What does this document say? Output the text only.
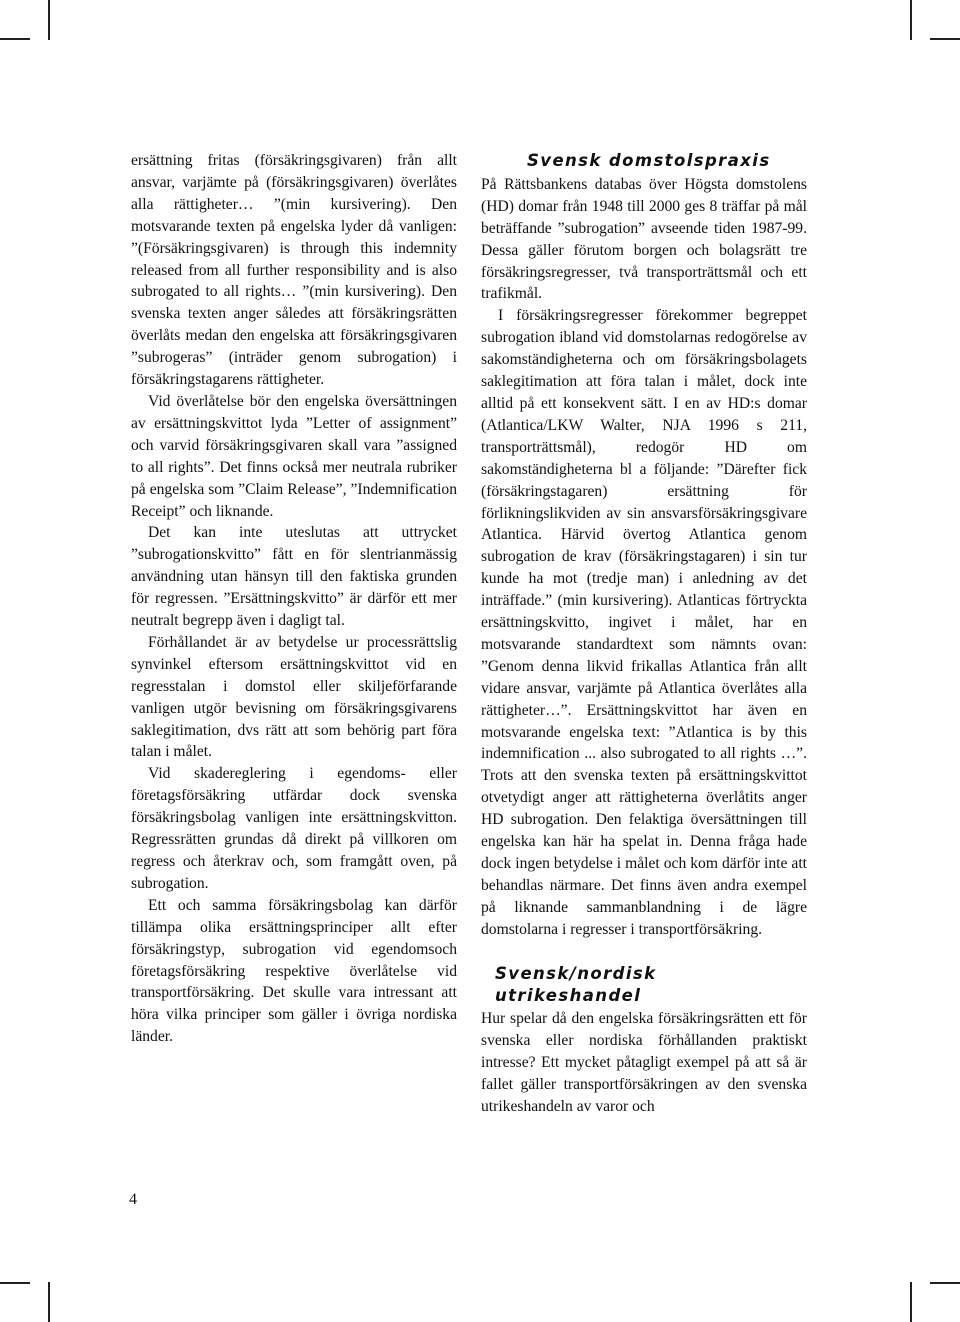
ersättning fritas (försäkringsgivaren) från allt ansvar, varjämte på (försäkringsgivaren) överlåtes alla rättigheter… ”(min kursivering). Den motsvarande texten på engelska lyder då vanligen: ”(Försäkringsgivaren) is through this indemnity released from all further responsibility and is also subrogated to all rights… ”(min kursivering). Den svenska texten anger således att försäkringsrätten överlåts medan den engelska att försäkringsgivaren ”subrogeras” (inträder genom subrogation) i försäkringstagarens rättigheter.

Vid överlåtelse bör den engelska översättningen av ersättningskvittot lyda ”Letter of assignment” och varvid försäkringsgivaren skall vara ”assigned to all rights”. Det finns också mer neutrala rubriker på engelska som ”Claim Release”, ”Indemnification Receipt” och liknande.

Det kan inte uteslutas att uttrycket ”subrogationskvitto” fått en för slentrianmässig användning utan hänsyn till den faktiska grunden för regressen. ”Ersättningskvitto” är därför ett mer neutralt begrepp även i dagligt tal.

Förhållandet är av betydelse ur processrättslig synvinkel eftersom ersättningskvittot vid en regresstalan i domstol eller skiljeförfarande vanligen utgör bevisning om försäkringsgivarens saklegitimation, dvs rätt att som behörig part föra talan i målet.

Vid skadereglering i egendoms- eller företagsförsäkring utfärdar dock svenska försäkringsbolag vanligen inte ersättningskvitton. Regressrätten grundas då direkt på villkoren om regress och återkrav och, som framgått oven, på subrogation.

Ett och samma försäkringsbolag kan därför tillämpa olika ersättningsprinciper allt efter försäkringstyp, subrogation vid egendomsoch företagsförsäkring respektive överlåtelse vid transportförsäkring. Det skulle vara intressant att höra vilka principer som gäller i övriga nordiska länder.

Svensk domstolspraxis

På Rättsbankens databas över Högsta domstolens (HD) domar från 1948 till 2000 ges 8 träffar på mål beträffande ”subrogation” avseende tiden 1987-99. Dessa gäller förutom borgen och bolagsrätt tre försäkringsregresser, två transporträttsmål och ett trafikmål.

I försäkringsregresser förekommer begreppet subrogation ibland vid domstolarnas redogörelse av sakomständigheterna och om försäkringsbolagets saklegitimation att föra talan i målet, dock inte alltid på ett konsekvent sätt. I en av HD:s domar (Atlantica/LKW Walter, NJA 1996 s 211, transporträttsmål), redogör HD om sakomständigheterna bl a följande: ”Därefter fick (försäkringstagaren) ersättning för förlikningslikviden av sin ansvarsförsäkringsgivare Atlantica. Härvid övertog Atlantica genom subrogation de krav (försäkringstagaren) i sin tur kunde ha mot (tredje man) i anledning av det inträffade.” (min kursivering). Atlanticas förtryckta ersättningskvitto, ingivet i målet, har en motsvarande standardtext som nämnts ovan: ”Genom denna likvid frikallas Atlantica från allt vidare ansvar, varjämte på Atlantica överlåtes alla rättigheter…”. Ersättningskvittot har även en motsvarande engelska text: ”Atlantica is by this indemnification ... also subrogated to all rights …”. Trots att den svenska texten på ersättningskvittot otvetydigt anger att rättigheterna överlåtits anger HD subrogation. Den felaktiga översättningen till engelska kan här ha spelat in. Denna fråga hade dock ingen betydelse i målet och kom därför inte att behandlas närmare. Det finns även andra exempel på liknande sammanblandning i de lägre domstolarna i regresser i transportförsäkring.

Svensk/nordisk utrikeshandel

Hur spelar då den engelska försäkringsrätten ett för svenska eller nordiska förhållanden praktiskt intresse? Ett mycket påtagligt exempel på att så är fallet gäller transportförsäkringen av den svenska utrikeshandeln av varor och

4
